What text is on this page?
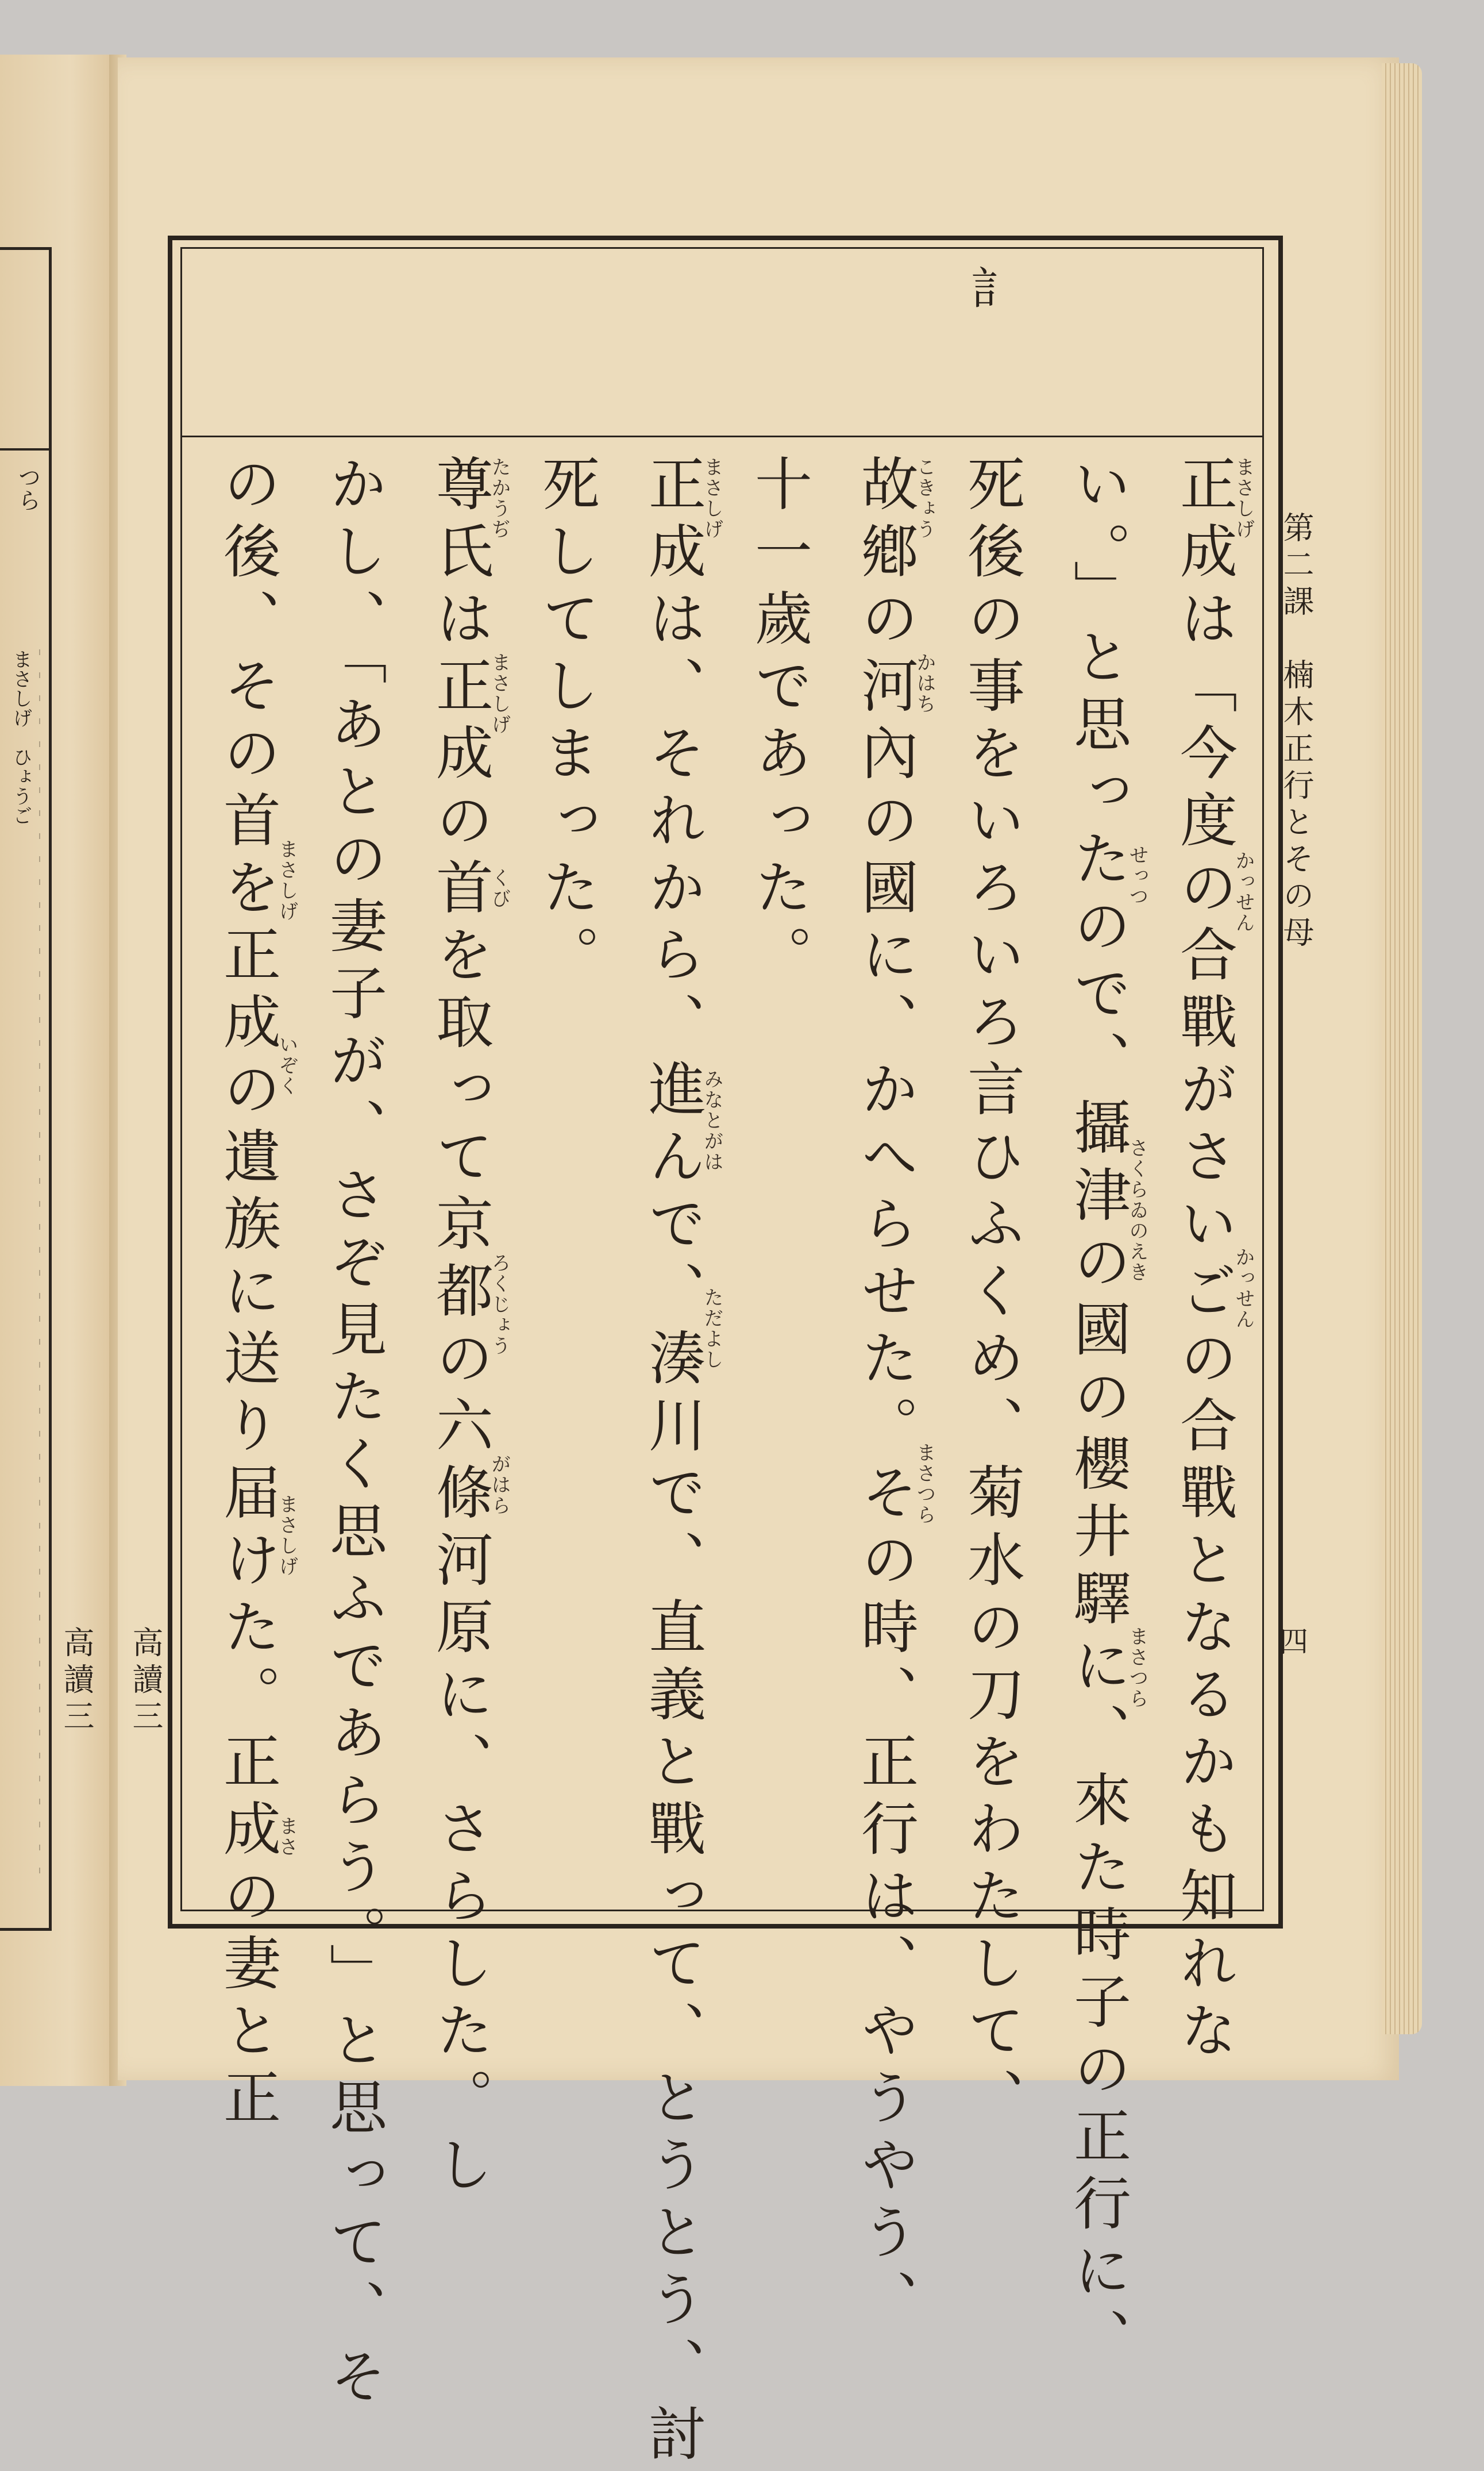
つら
まさしげ　ひょうご
高讀三
訁
第二課　楠木正行とその母
四
高讀三	正成は「今度の合戰がさいごの合戰となるかも知れな
い。」と思ったので、攝津の國の櫻井驛に、來た時子の正行に、
死後の事をいろいろ言ひふくめ、菊水の刀をわたして、
故鄕の河內の國に、かへらせた。その時、正行は、やうやう、
十一歲であった。
正成は、それから、進んで、湊川で、直義と戰って、とうとう、討
死してしまった。
尊氏は正成の首を取って京都の六條河原に、さらした。し
かし、「あとの妻子が、さぞ見たく思ふであらう。」と思って、そ
の後、その首を正成の遺族に送り届けた。正成の妻と正	まさしげ
かっせん
かっせん
せっつ
さくらゐのえき
まさつら
こきょう
かはち
まさつら
まさしげ
みなとがは
ただよし
たかうぢ
まさしげ
くび
ろくじょう
がはら
まさしげ
いぞく
まさしげ
まさ
